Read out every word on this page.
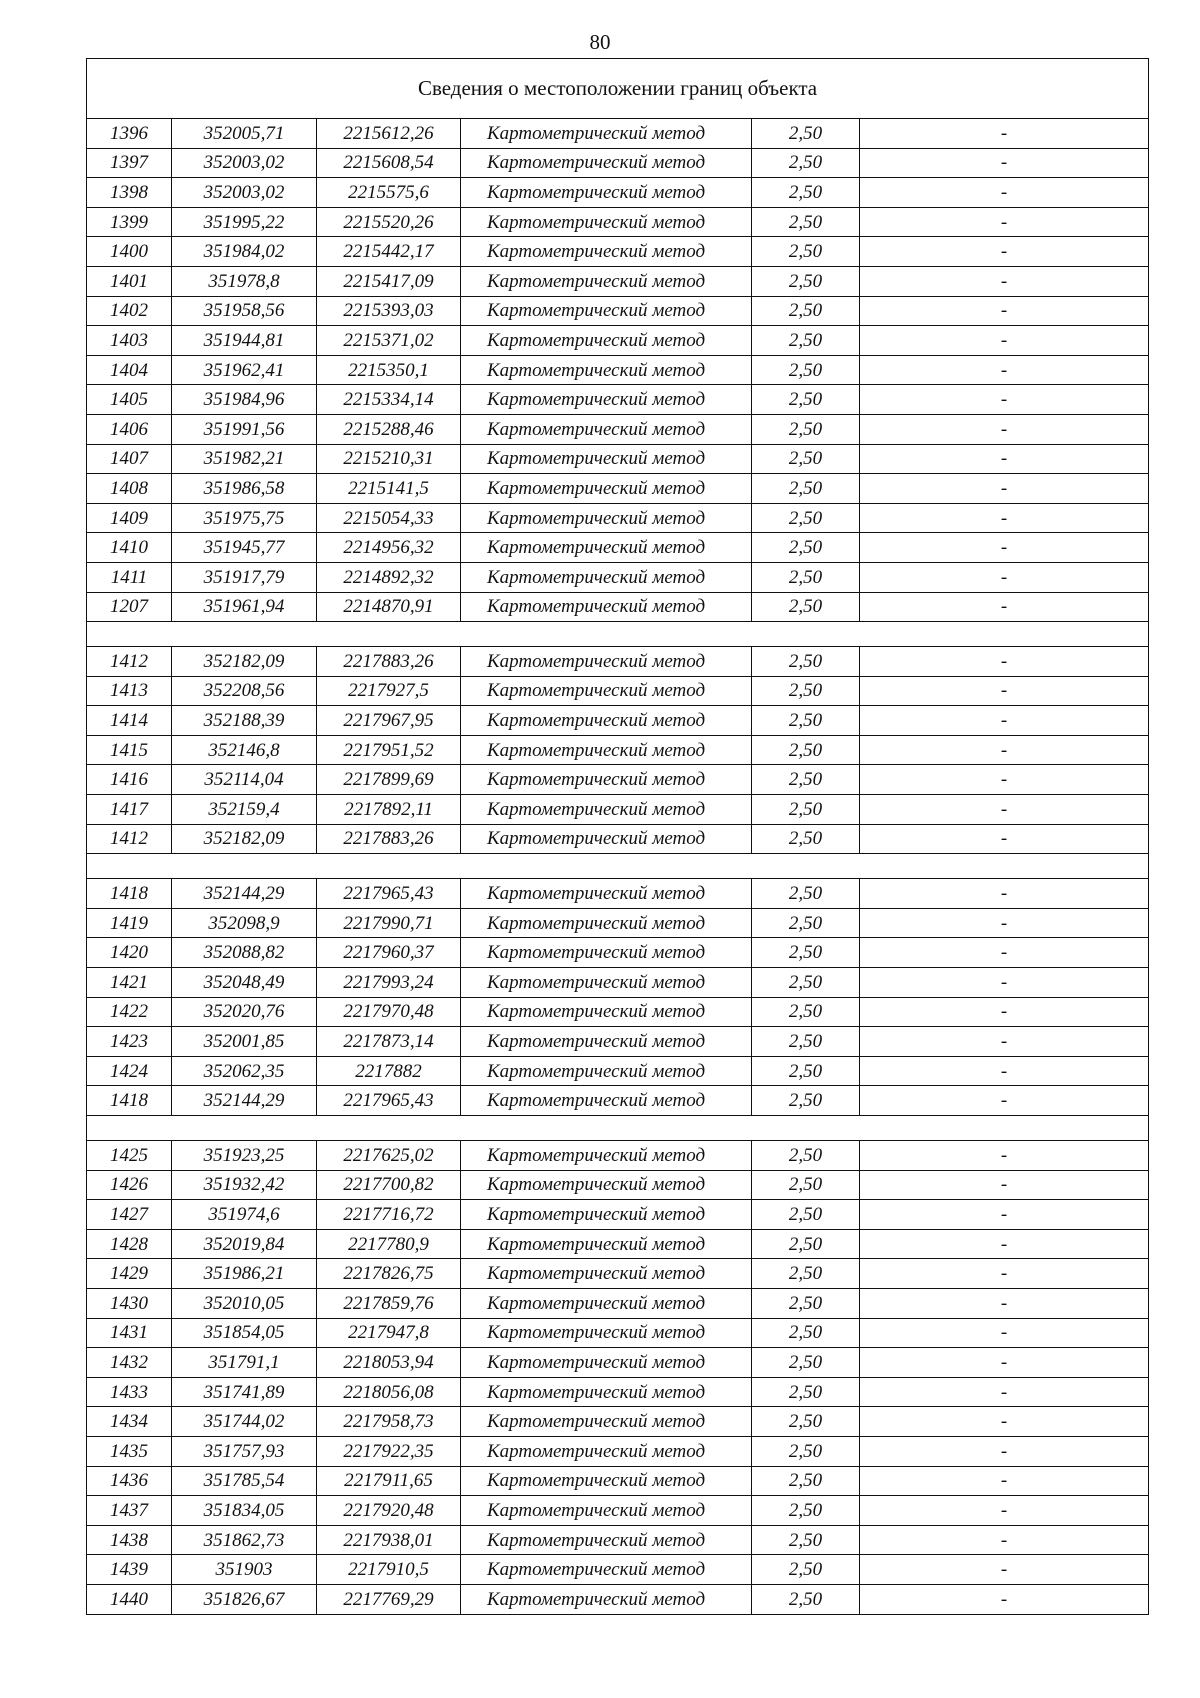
80
Сведения о местоположении границ объекта					
1396	352005,71	2215612,26	Картометрический метод	2,50	-
1397	352003,02	2215608,54	Картометрический метод	2,50	-
1398	352003,02	2215575,6	Картометрический метод	2,50	-
1399	351995,22	2215520,26	Картометрический метод	2,50	-
1400	351984,02	2215442,17	Картометрический метод	2,50	-
1401	351978,8	2215417,09	Картометрический метод	2,50	-
1402	351958,56	2215393,03	Картометрический метод	2,50	-
1403	351944,81	2215371,02	Картометрический метод	2,50	-
1404	351962,41	2215350,1	Картометрический метод	2,50	-
1405	351984,96	2215334,14	Картометрический метод	2,50	-
1406	351991,56	2215288,46	Картометрический метод	2,50	-
1407	351982,21	2215210,31	Картометрический метод	2,50	-
1408	351986,58	2215141,5	Картометрический метод	2,50	-
1409	351975,75	2215054,33	Картометрический метод	2,50	-
1410	351945,77	2214956,32	Картометрический метод	2,50	-
1411	351917,79	2214892,32	Картометрический метод	2,50	-
1207	351961,94	2214870,91	Картометрический метод	2,50	-

1412	352182,09	2217883,26	Картометрический метод	2,50	-
1413	352208,56	2217927,5	Картометрический метод	2,50	-
1414	352188,39	2217967,95	Картометрический метод	2,50	-
1415	352146,8	2217951,52	Картометрический метод	2,50	-
1416	352114,04	2217899,69	Картометрический метод	2,50	-
1417	352159,4	2217892,11	Картометрический метод	2,50	-
1412	352182,09	2217883,26	Картометрический метод	2,50	-

1418	352144,29	2217965,43	Картометрический метод	2,50	-
1419	352098,9	2217990,71	Картометрический метод	2,50	-
1420	352088,82	2217960,37	Картометрический метод	2,50	-
1421	352048,49	2217993,24	Картометрический метод	2,50	-
1422	352020,76	2217970,48	Картометрический метод	2,50	-
1423	352001,85	2217873,14	Картометрический метод	2,50	-
1424	352062,35	2217882	Картометрический метод	2,50	-
1418	352144,29	2217965,43	Картометрический метод	2,50	-

1425	351923,25	2217625,02	Картометрический метод	2,50	-
1426	351932,42	2217700,82	Картометрический метод	2,50	-
1427	351974,6	2217716,72	Картометрический метод	2,50	-
1428	352019,84	2217780,9	Картометрический метод	2,50	-
1429	351986,21	2217826,75	Картометрический метод	2,50	-
1430	352010,05	2217859,76	Картометрический метод	2,50	-
1431	351854,05	2217947,8	Картометрический метод	2,50	-
1432	351791,1	2218053,94	Картометрический метод	2,50	-
1433	351741,89	2218056,08	Картометрический метод	2,50	-
1434	351744,02	2217958,73	Картометрический метод	2,50	-
1435	351757,93	2217922,35	Картометрический метод	2,50	-
1436	351785,54	2217911,65	Картометрический метод	2,50	-
1437	351834,05	2217920,48	Картометрический метод	2,50	-
1438	351862,73	2217938,01	Картометрический метод	2,50	-
1439	351903	2217910,5	Картометрический метод	2,50	-
1440	351826,67	2217769,29	Картометрический метод	2,50	-
